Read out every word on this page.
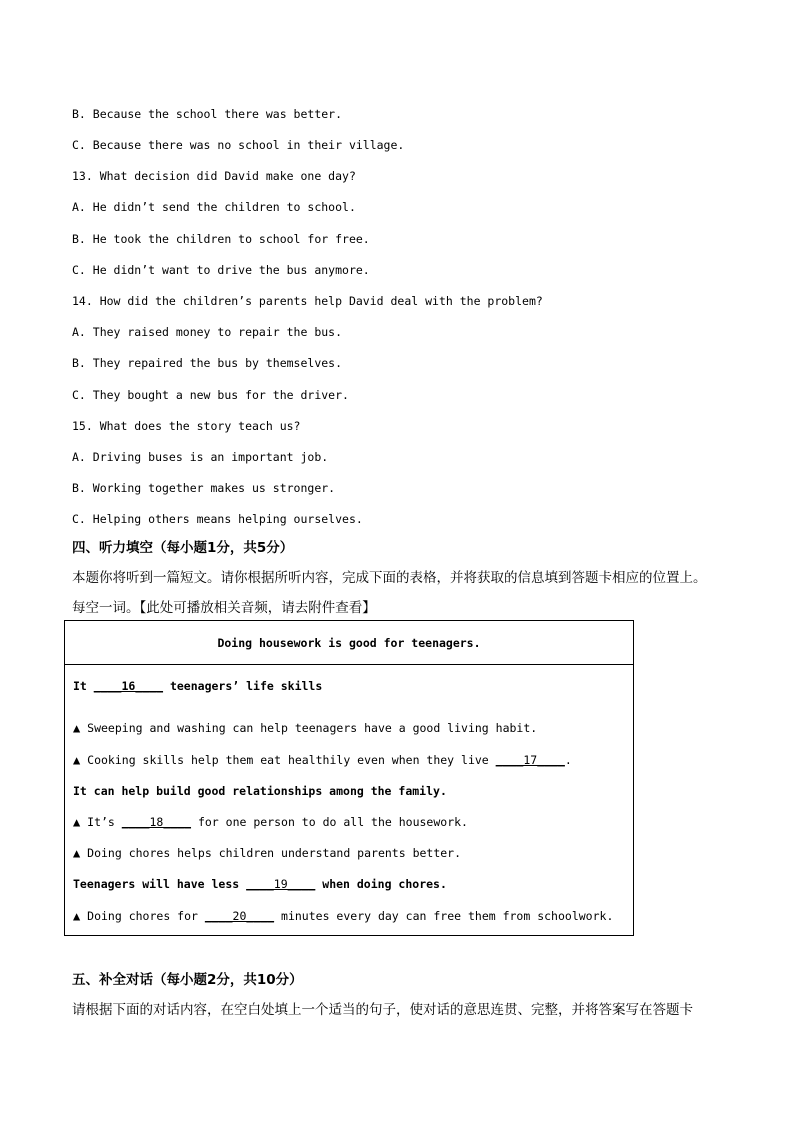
B. Because the school there was better.
C. Because there was no school in their village.
13. What decision did David make one day?
A. He didn’t send the children to school.
B. He took the children to school for free.
C. He didn’t want to drive the bus anymore.
14. How did the children’s parents help David deal with the problem?
A. They raised money to repair the bus.
B. They repaired the bus by themselves.
C. They bought a new bus for the driver.
15. What does the story teach us?
A. Driving buses is an important job.
B. Working together makes us stronger.
C. Helping others means helping ourselves.
四、听力填空（每小题1分，共5分）
本题你将听到一篇短文。请你根据所听内容，完成下面的表格，并将获取的信息填到答题卡相应的位置上。
每空一词。【此处可播放相关音频，请去附件查看】
Doing housework is good for teenagers.
It ____16____ teenagers’ life skills
▲ Sweeping and washing can help teenagers have a good living habit.
▲ Cooking skills help them eat healthily even when they live ____17____.
It can help build good relationships among the family.
▲ It’s ____18____ for one person to do all the housework.
▲ Doing chores helps children understand parents better.
Teenagers will have less ____19____ when doing chores.
▲ Doing chores for ____20____ minutes every day can free them from schoolwork.
五、补全对话（每小题2分，共10分）
请根据下面的对话内容，在空白处填上一个适当的句子，使对话的意思连贯、完整，并将答案写在答题卡
